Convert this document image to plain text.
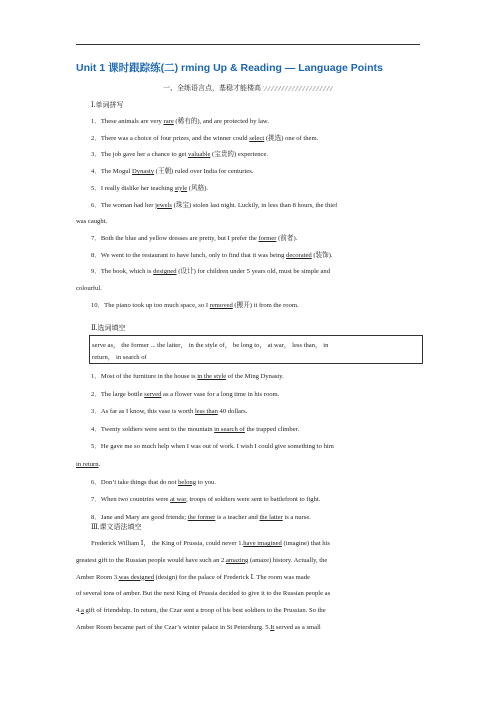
Unit 1 课时跟踪练(二) rming Up & Reading — Language Points
一、全练语言点，基稳才能楼高
Ⅰ.单词拼写
1．These animals are very rare (稀有的), and are protected by law.
2．There was a choice of four prizes, and the winner could select (挑选) one of them.
3．The job gave her a chance to get valuable (宝贵的) experience.
4．The Mogul Dynasty (王朝) ruled over India for centuries.
5．I really dislike her teaching style (风格).
6．The woman had her jewels (珠宝) stolen last night. Luckily, in less than 8 hours, the thief
was caught.
7．Both the blue and yellow dresses are pretty, but I prefer the former (前者).
8．We went to the restaurant to have lunch, only to find that it was being decorated (装饰).
9．The book, which is designed (设计) for children under 5 years old, must be simple and
colourful.
10．The piano took up too much space, so I removed (搬开) it from the room.
Ⅱ.选词填空
serve as， the former ... the latter， in the style of， be long to， at war， less than， in
return， in search of
1．Most of the furniture in the house is in the style of the Ming Dynasty.
2．The large bottle served as a flower vase for a long time in his room.
3．As far as I know, this vase is worth less than 40 dollars.
4．Twenty soldiers were sent to the mountain in search of the trapped climber.
5．He gave me so much help when I was out of work. I wish I could give something to him
in return.
6．Don’t take things that do not belong to you.
7．When two countries were at war, troops of soldiers were sent to battlefront to fight.
8．Jane and Mary are good friends; the former is a teacher and the latter is a nurse.
Ⅲ.课文语法填空
Frederick William Ⅰ， the King of Prussia, could never 1.have imagined (imagine) that his
greatest gift to the Russian people would have such an 2.amazing (amaze) history. Actually, the
Amber Room 3.was designed (design) for the palace of Frederick Ⅰ. The room was made
of several tons of amber. But the next King of Prussia decided to give it to the Russian people as
4.a gift of friendship. In return, the Czar sent a troop of his best soldiers to the Prussian. So the
Amber Room became part of the Czar’s winter palace in St Petersburg. 5.It served as a small
